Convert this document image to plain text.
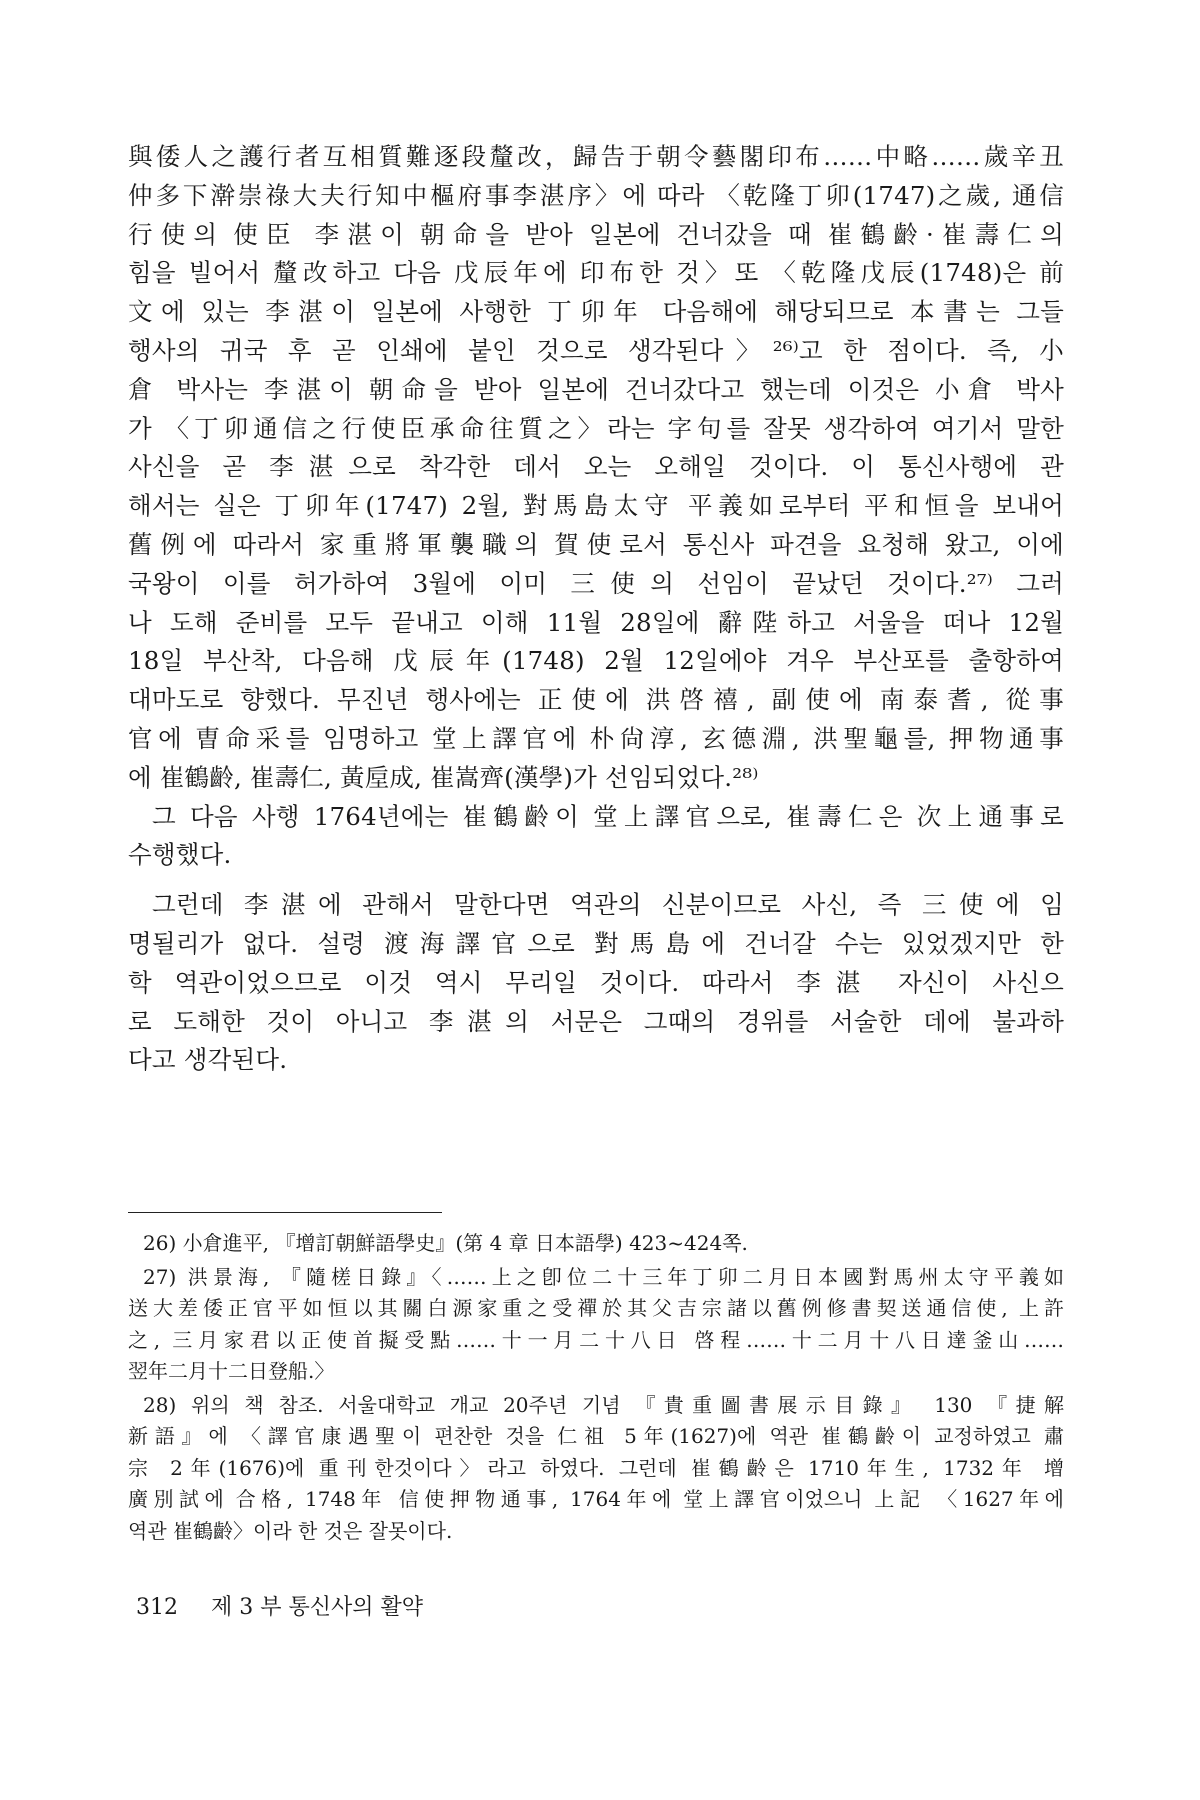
與倭人之護行者互相質難逐段釐改，歸告于朝令藝閣印布……中略……歲辛丑
仲多下澣崇祿大夫行知中樞府事李湛序〉에 따라 〈乾隆丁卯(1747)之歲, 通信
行使의 使臣 李湛이 朝命을 받아 일본에 건너갔을 때 崔鶴齡·崔壽仁의
힘을 빌어서 釐改하고 다음 戊辰年에 印布한 것〉또 〈乾隆戊辰(1748)은 前
文에 있는 李湛이 일본에 사행한 丁卯年 다음해에 해당되므로 本書는 그들
행사의 귀국 후 곧 인쇄에 붙인 것으로 생각된다〉²⁶⁾고 한 점이다. 즉, 小
倉 박사는 李湛이 朝命을 받아 일본에 건너갔다고 했는데 이것은 小倉 박사
가 〈丁卯通信之行使臣承命往質之〉라는 字句를 잘못 생각하여 여기서 말한
사신을 곧 李湛으로 착각한 데서 오는 오해일 것이다. 이 통신사행에 관
해서는 실은 丁卯年(1747) 2월, 對馬島太守 平義如로부터 平和恒을 보내어
舊例에 따라서 家重將軍襲職의 賀使로서 통신사 파견을 요청해 왔고, 이에
국왕이 이를 허가하여 3월에 이미 三使의 선임이 끝났던 것이다.²⁷⁾ 그러
나 도해 준비를 모두 끝내고 이해 11월 28일에 辭陛하고 서울을 떠나 12월
18일 부산착, 다음해 戊辰年(1748) 2월 12일에야 겨우 부산포를 출항하여
대마도로 향했다. 무진년 행사에는 正使에 洪啓禧, 副使에 南泰耆, 從事
官에 曺命采를 임명하고 堂上譯官에 朴尙淳, 玄德淵, 洪聖龜를, 押物通事
에 崔鶴齡, 崔壽仁, 黃垕成, 崔嵩齊(漢學)가 선임되었다.²⁸⁾
그 다음 사행 1764년에는 崔鶴齡이 堂上譯官으로, 崔壽仁은 次上通事로
수행했다.
그런데 李湛에 관해서 말한다면 역관의 신분이므로 사신, 즉 三使에 임
명될리가 없다. 설령 渡海譯官으로 對馬島에 건너갈 수는 있었겠지만 한
학 역관이었으므로 이것 역시 무리일 것이다. 따라서 李湛 자신이 사신으
로 도해한 것이 아니고 李湛의 서문은 그때의 경위를 서술한 데에 불과하
다고 생각된다.
26) 小倉進平, 『增訂朝鮮語學史』(第 4 章 日本語學) 423~424쪽.
27) 洪景海, 『隨槎日錄』〈……上之卽位二十三年丁卯二月日本國對馬州太守平義如
送大差倭正官平如恒以其關白源家重之受禪於其父吉宗諸以舊例修書契送通信使, 上許
之, 三月家君以正使首擬受點……十一月二十八日 啓程……十二月十八日達釜山……
翌年二月十二日登船.〉
28) 위의 책 참조. 서울대학교 개교 20주년 기념 『貴重圖書展示目錄』 130 『捷解
新語』에 〈譯官康遇聖이 편찬한 것을 仁祖 5年(1627)에 역관 崔鶴齡이 교정하였고 肅
宗 2年(1676)에 重刊한것이다〉라고 하였다. 그런데 崔鶴齡은 1710年生, 1732年 增
廣別試에 合格, 1748年 信使押物通事, 1764年에 堂上譯官이었으니 上記 〈1627年에
역관 崔鶴齡〉이라 한 것은 잘못이다.
312 제 3 부 통신사의 활약
